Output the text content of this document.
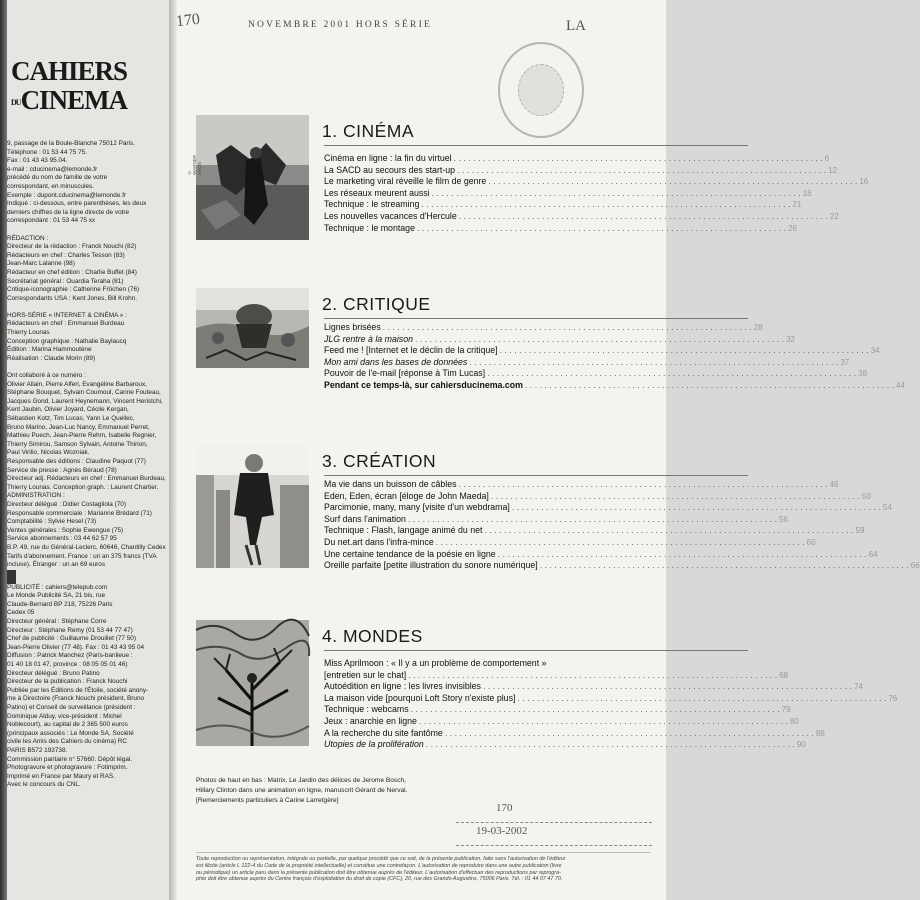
CAHIERS
DUCINEMA
9, passage de la Boule-Blanche 75012 Paris.
Téléphone : 01 53 44 75 75.
Fax : 01 43 43 95.04.
e-mail : cducinema@lemonde.fr
précédé du nom de famille de votre
correspondant, en minuscules.
Exemple : dupont.cducinema@lemonde.fr
Indiqué : ci-dessous, entre parenthèses, les deux
derniers chiffres de la ligne directe de votre
correspondant : 01 53 44 75 xx

RÉDACTION :
Directeur de la rédaction : Franck Nouchi (82)
Rédacteurs en chef : Charles Tesson (83)
Jean-Marc Lalanne (98)
Rédacteur en chef édition : Charlie Buffet (84)
Secrétariat général : Ouardia Teraha (81)
Critique-iconographie : Catherine Fröchen (76)
Correspondants USA : Kent Jones, Bill Krohn.

HORS-SÉRIE « INTERNET & CINÉMA » :
Rédacteurs en chef : Emmanuel Burdeau
Thierry Lounas
Conception graphique : Nathalie Baylaucq
Édition : Marina Hammoutène
Réalisation : Claude Morin (89)

Ont collaboré à ce numéro :
Olivier Allain, Pierre Alferi, Evangéline Barbaroux,
Stéphane Bouquet, Sylvain Coumoul, Carine Fouteau,
Jacques Gond, Laurent Heynemann, Vincent Heristchi,
Kent Jaubin, Olivier Joyard, Cécile Kergan,
Sébastien Kotz, Tim Lucas, Yann Le Quellec,
Bruno Marino, Jean-Luc Nancy, Emmanuel Perret,
Mathieu Puech, Jean-Pierre Rehm, Isabelle Regnier,
Thierry Simirou, Samson Sylvain, Antoine Thirion,
Paul Virilio, Nicolas Wozniak.
Responsable des éditions : Claudine Paquot (77)
Service de presse : Agnès Béraud (78)
Directeur adj. Rédacteurs en chef : Emmanuel Burdeau,
Thierry Lounas. Conception graph. : Laurent Chartier.
ADMINISTRATION :
Directeur délégué : Didier Costagliola (70)
Responsable commerciale : Marianne Brédard (71)
Comptabilité : Sylvie Hesel (73)
Ventes générales : Sophie Ewengue (75)
Service abonnements : 03 44 62 57 95
B.P. 49, rue du Général-Leclerc, 60646, Chantilly Cedex
Tarifs d'abonnement. France : un an 375 francs (TVA
incluse). Étranger : un an 69 euros
PUBLICITÉ : cahiers@telepub.com
Le Monde Publicité SA, 21 bis, rue
Claude-Bernard BP 218, 75226 Paris
Cedex 05
Directeur général : Stéphane Corre
Directeur : Stéphane Remy (01 53 44 77 47)
Chef de publicité : Guillaume Drouillet (77 50)
Jean-Pierre Olivier (77 48). Fax : 01 43 43 95 04
Diffusion : Patrick Manchez (Paris-banlieue :
01 40 18 01 47, province : 08 05 05 01 46)
Directeur délégué : Bruno Patino
Directeur de la publication : Franck Nouchi
Publiée par les Éditions de l'Étoile, société anony-
me à Directoire (Franck Nouchi président, Bruno
Patino) et Conseil de surveillance (président :
Dominique Alduy, vice-président : Michel
Noblecourt), au capital de 2 365 500 euros
(principaux associés : Le Monde SA, Société
civile les Amis des Cahiers du cinéma) RC
PARIS B572 193738.
Commission paritaire n° 57660. Dépôt légal.
Photogravure et photogravure : Fotimprim.
Imprimé en France par Maury et RAS.
Avec le concours du CNL.
170	NOVEMBRE 2001 HORS SÉRIE	LA
© WARNER BROS
1. CINÉMA
Cinéma en ligne : la fin du virtuel . . .	6
La SACD au secours des start-up . . .	12
Le marketing viral réveille le film de genre . . .	16
Les réseaux meurent aussi . . .	18
Technique : le streaming . . .	21
Les nouvelles vacances d'Hercule . . .	22
Technique : le montage . . .	26
2. CRITIQUE
Lignes brisées . . .	28
JLG rentre à la maison . . .	32
Feed me ! [Internet et le déclin de la critique] . . .	34
Mon ami dans les bases de données . . .	37
Pouvoir de l'e-mail [réponse à Tim Lucas] . . .	38
Pendant ce temps-là, sur cahiersducinema.com . . .	44
3. CRÉATION
Ma vie dans un buisson de câbles . . .	46
Eden, Eden, écran [éloge de John Maeda] . . .	50
Parcimonie, many, many [visite d'un webdrama] . . .	54
Surf dans l'animation . . .	56
Technique : Flash, langage animé du net . . .	59
Du net.art dans l'infra-mince . . .	60
Une certaine tendance de la poésie en ligne . . .	64
Oreille parfaite [petite illustration du sonore numérique] . . .	66
4. MONDES
Miss Aprilmoon : « Il y a un problème de comportement »
[entretien sur le chat] . . .	68
Autoédition en ligne : les livres invisibles . . .	74
La maison vide [pourquoi Loft Story n'existe plus] . . .	76
Technique : webcams . . .	79
Jeux : anarchie en ligne . . .	80
A la recherche du site fantôme . . .	88
Utopies de la prolifération . . .	90
Photos de haut en bas : Matrix, Le Jardin des délices de Jerome Bosch,
Hillary Clinton dans une animation en ligne, manuscrit Gérard de Nerval.
[Remerciements particuliers à Carine Larretgère]
170
19-03-2002
Toute reproduction ou représentation, intégrale ou partielle, par quelque procédé que ce soit, de la présente publication, faite sans l'autorisation de l'éditeur
est illicite (article L 122-4 du Code de la propriété intellectuelle) et constitue une contrefaçon. L'autorisation de reproduire dans une autre publication (livre
ou périodique) un article paru dans la présente publication doit être obtenue auprès de l'éditeur. L'autorisation d'effectuer des reproductions par reprogra-
phie doit être obtenue auprès du Centre français d'exploitation du droit de copie (CFC), 20, rue des Grands-Augustins, 75006 Paris. Tél. : 01 44 07 47 70.
